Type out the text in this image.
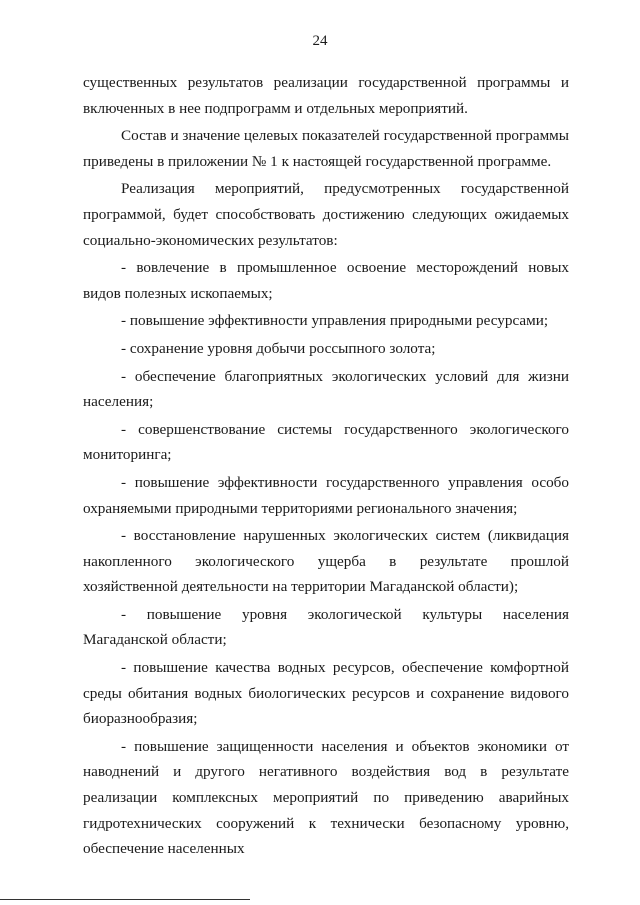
24

существенных результатов реализации государственной программы и включенных в нее подпрограмм и отдельных мероприятий.

Состав и значение целевых показателей государственной программы приведены в приложении № 1 к настоящей государственной программе.

Реализация мероприятий, предусмотренных государственной программой, будет способствовать достижению следующих ожидаемых социально-экономических результатов:

- вовлечение в промышленное освоение месторождений новых видов полезных ископаемых;

- повышение эффективности управления природными ресурсами;

- сохранение уровня добычи россыпного золота;

- обеспечение благоприятных экологических условий для жизни населения;

- совершенствование системы государственного экологического мониторинга;

- повышение эффективности государственного управления особо охраняемыми природными территориями регионального значения;

- восстановление нарушенных экологических систем (ликвидация накопленного экологического ущерба в результате прошлой хозяйственной деятельности на территории Магаданской области);

- повышение уровня экологической культуры населения Магаданской области;

- повышение качества водных ресурсов, обеспечение комфортной среды обитания водных биологических ресурсов и сохранение видового биоразнообразия;

- повышение защищенности населения и объектов экономики от наводнений и другого негативного воздействия вод в результате реализации комплексных мероприятий по приведению аварийных гидротехнических сооружений к технически безопасному уровню, обеспечение населенных
